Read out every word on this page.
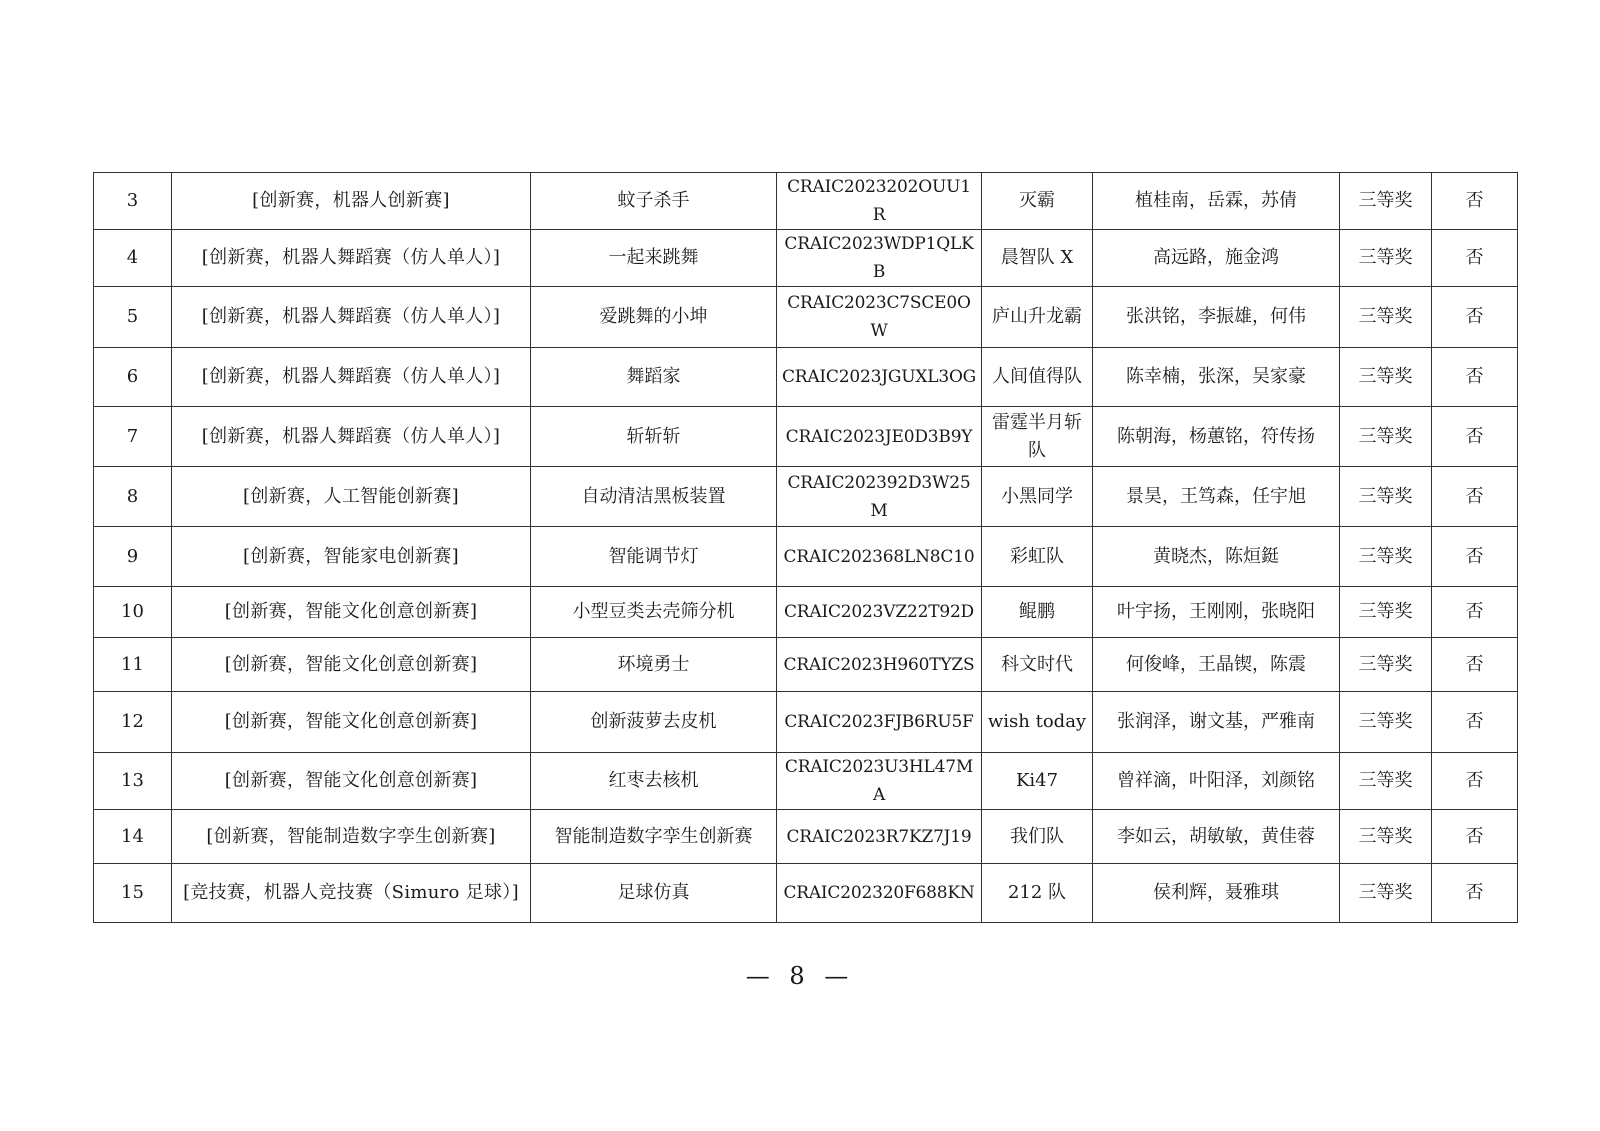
3	[创新赛，机器人创新赛]	蚊子杀手	CRAIC2023202OUU1R	灭霸	植桂南，岳霖，苏倩	三等奖	否
4	[创新赛，机器人舞蹈赛（仿人单人）]	一起来跳舞	CRAIC2023WDP1QLKB	晨智队 X	高远路，施金鸿	三等奖	否
5	[创新赛，机器人舞蹈赛（仿人单人）]	爱跳舞的小坤	CRAIC2023C7SCE0OW	庐山升龙霸	张洪铭，李振雄，何伟	三等奖	否
6	[创新赛，机器人舞蹈赛（仿人单人）]	舞蹈家	CRAIC2023JGUXL3OG	人间值得队	陈幸楠，张深，吴家豪	三等奖	否
7	[创新赛，机器人舞蹈赛（仿人单人）]	斩斩斩	CRAIC2023JE0D3B9Y	雷霆半月斩队	陈朝海，杨蕙铭，符传扬	三等奖	否
8	[创新赛，人工智能创新赛]	自动清洁黑板装置	CRAIC202392D3W25M	小黑同学	景昊，王笃森，任宇旭	三等奖	否
9	[创新赛，智能家电创新赛]	智能调节灯	CRAIC202368LN8C10	彩虹队	黄晓杰，陈烜鋌	三等奖	否
10	[创新赛，智能文化创意创新赛]	小型豆类去壳筛分机	CRAIC2023VZ22T92D	鲲鹏	叶宇扬，王刚刚，张晓阳	三等奖	否
11	[创新赛，智能文化创意创新赛]	环境勇士	CRAIC2023H960TYZS	科文时代	何俊峰，王晶锲，陈震	三等奖	否
12	[创新赛，智能文化创意创新赛]	创新菠萝去皮机	CRAIC2023FJB6RU5F	wish today	张润泽，谢文基，严雅南	三等奖	否
13	[创新赛，智能文化创意创新赛]	红枣去核机	CRAIC2023U3HL47MA	Ki47	曾祥滴，叶阳泽，刘颜铭	三等奖	否
14	[创新赛，智能制造数字孪生创新赛]	智能制造数字孪生创新赛	CRAIC2023R7KZ7J19	我们队	李如云，胡敏敏，黄佳蓉	三等奖	否
15	[竞技赛，机器人竞技赛（Simuro 足球）]	足球仿真	CRAIC202320F688KN	212 队	侯利辉，聂雅琪	三等奖	否
— 8 —
